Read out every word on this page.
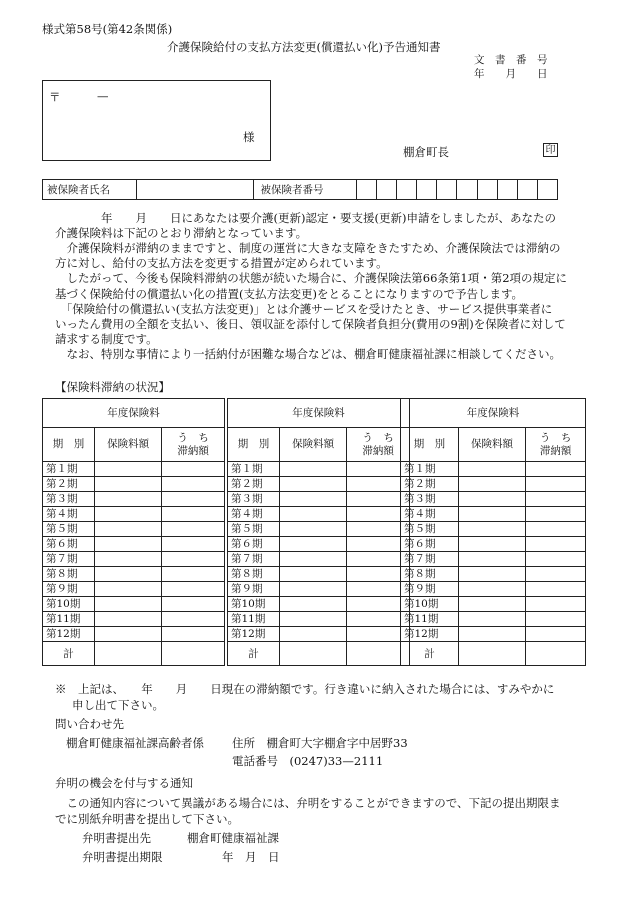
様式第58号(第42条関係)
介護保険給付の支払方法変更(償還払い化)予告通知書
文　書　番　号
年　　月　　日
〒	—
様
棚倉町長	印
被保険者氏名		被保険者番号										
　　　　年　　月　　日にあなたは要介護(更新)認定・要支援(更新)申請をしましたが、あなたの
介護保険料は下記のとおり滞納となっています。
　介護保険料が滞納のままですと、制度の運営に大きな支障をきたすため、介護保険法では滞納の
方に対し、給付の支払方法を変更する措置が定められています。
　したがって、今後も保険料滞納の状態が続いた場合に、介護保険法第66条第1項・第2項の規定に
基づく保険給付の償還払い化の措置(支払方法変更)をとることになりますので予告します。
　「保険給付の償還払い(支払方法変更)」とは介護サービスを受けたとき、サービス提供事業者に
いったん費用の全額を支払い、後日、領収証を添付して保険者負担分(費用の9割)を保険者に対して
請求する制度です。
　なお、特別な事情により一括納付が困難な場合などは、棚倉町健康福祉課に相談してください。
【保険料滞納の状況】
年度保険料		
期　別	保険料額	う　ち
滞納額
第１期		
第２期		
第３期		
第４期		
第５期		
第６期		
第７期		
第８期		
第９期		
第10期		
第11期		
第12期		
計		
年度保険料		
期　別	保険料額	う　ち
滞納額
第１期		
第２期		
第３期		
第４期		
第５期		
第６期		
第７期		
第８期		
第９期		
第10期		
第11期		
第12期		
計		
年度保険料		
期　別	保険料額	う　ち
滞納額
第１期		
第２期		
第３期		
第４期		
第５期		
第６期		
第７期		
第８期		
第９期		
第10期		
第11期		
第12期		
計		
※　上記は、　　年　　月　　日現在の滞納額です。行き違いに納入された場合には、すみやかに
申し出て下さい。
問い合わせ先
棚倉町健康福祉課高齢者係 住所　棚倉町大字棚倉字中居野33
電話番号　(0247)33—2111
弁明の機会を付与する通知
　この通知内容について異議がある場合には、弁明をすることができますので、下記の提出期限ま
でに別紙弁明書を提出して下さい。
弁明書提出先	棚倉町健康福祉課
弁明書提出期限	年　月　日
